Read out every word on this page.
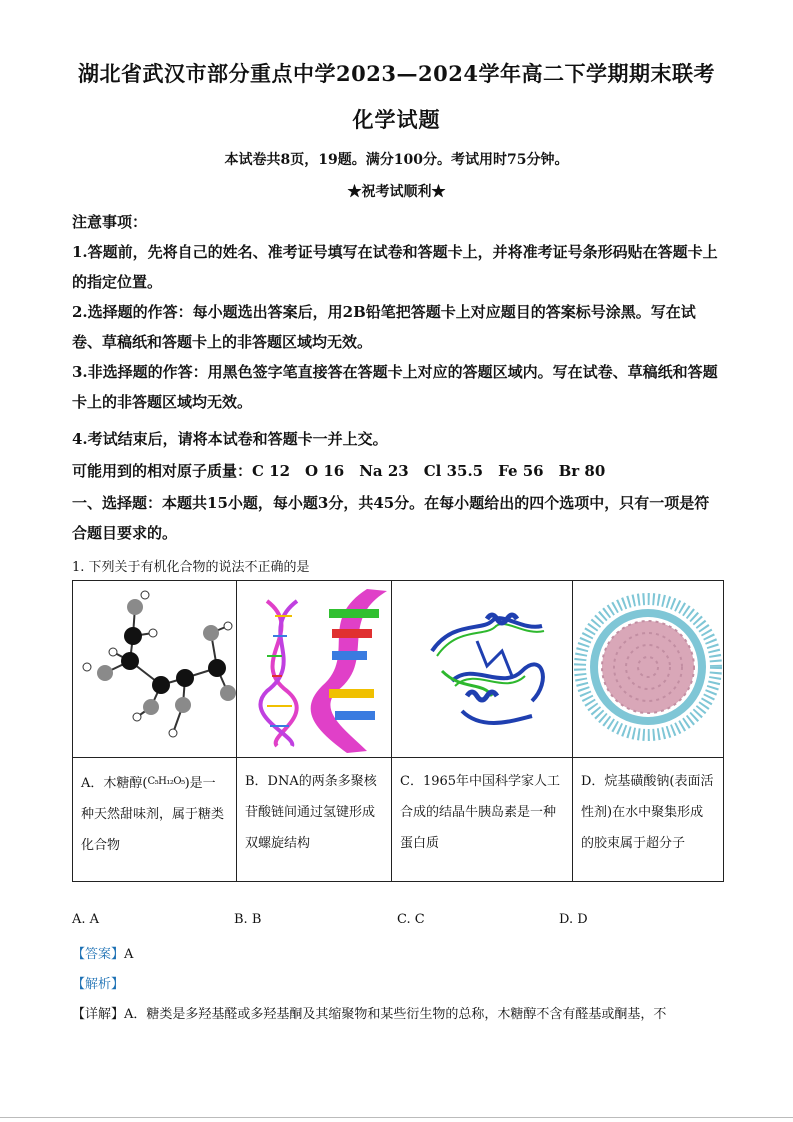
湖北省武汉市部分重点中学2023—2024学年高二下学期期末联考
化学试题
本试卷共8页，19题。满分100分。考试用时75分钟。
★祝考试顺利★
注意事项：
1.答题前，先将自己的姓名、准考证号填写在试卷和答题卡上，并将准考证号条形码贴在答题卡上的指定位置。
2.选择题的作答：每小题选出答案后，用2B铅笔把答题卡上对应题目的答案标号涂黑。写在试卷、草稿纸和答题卡上的非答题区域均无效。
3.非选择题的作答：用黑色签字笔直接答在答题卡上对应的答题区域内。写在试卷、草稿纸和答题卡上的非答题区域均无效。
4.考试结束后，请将本试卷和答题卡一并上交。
可能用到的相对原子质量：C 12　O 16　Na 23　Cl 35.5　Fe 56　Br 80
一、选择题：本题共15小题，每小题3分，共45分。在每小题给出的四个选项中，只有一项是符合题目要求的。
1. 下列关于有机化合物的说法不正确的是

A．木糖醇(C₅H₁₂O₅)是一种天然甜味剂，属于糖类化合物	B．DNA的两条多聚核苷酸链间通过氢键形成双螺旋结构	C．1965年中国科学家人工合成的结晶牛胰岛素是一种蛋白质	D．烷基磺酸钠(表面活性剂)在水中聚集形成的胶束属于超分子
A. A	B. B	C. C	D. D
【答案】A
【解析】
【详解】A．糖类是多羟基醛或多羟基酮及其缩聚物和某些衍生物的总称，木糖醇不含有醛基或酮基，不
